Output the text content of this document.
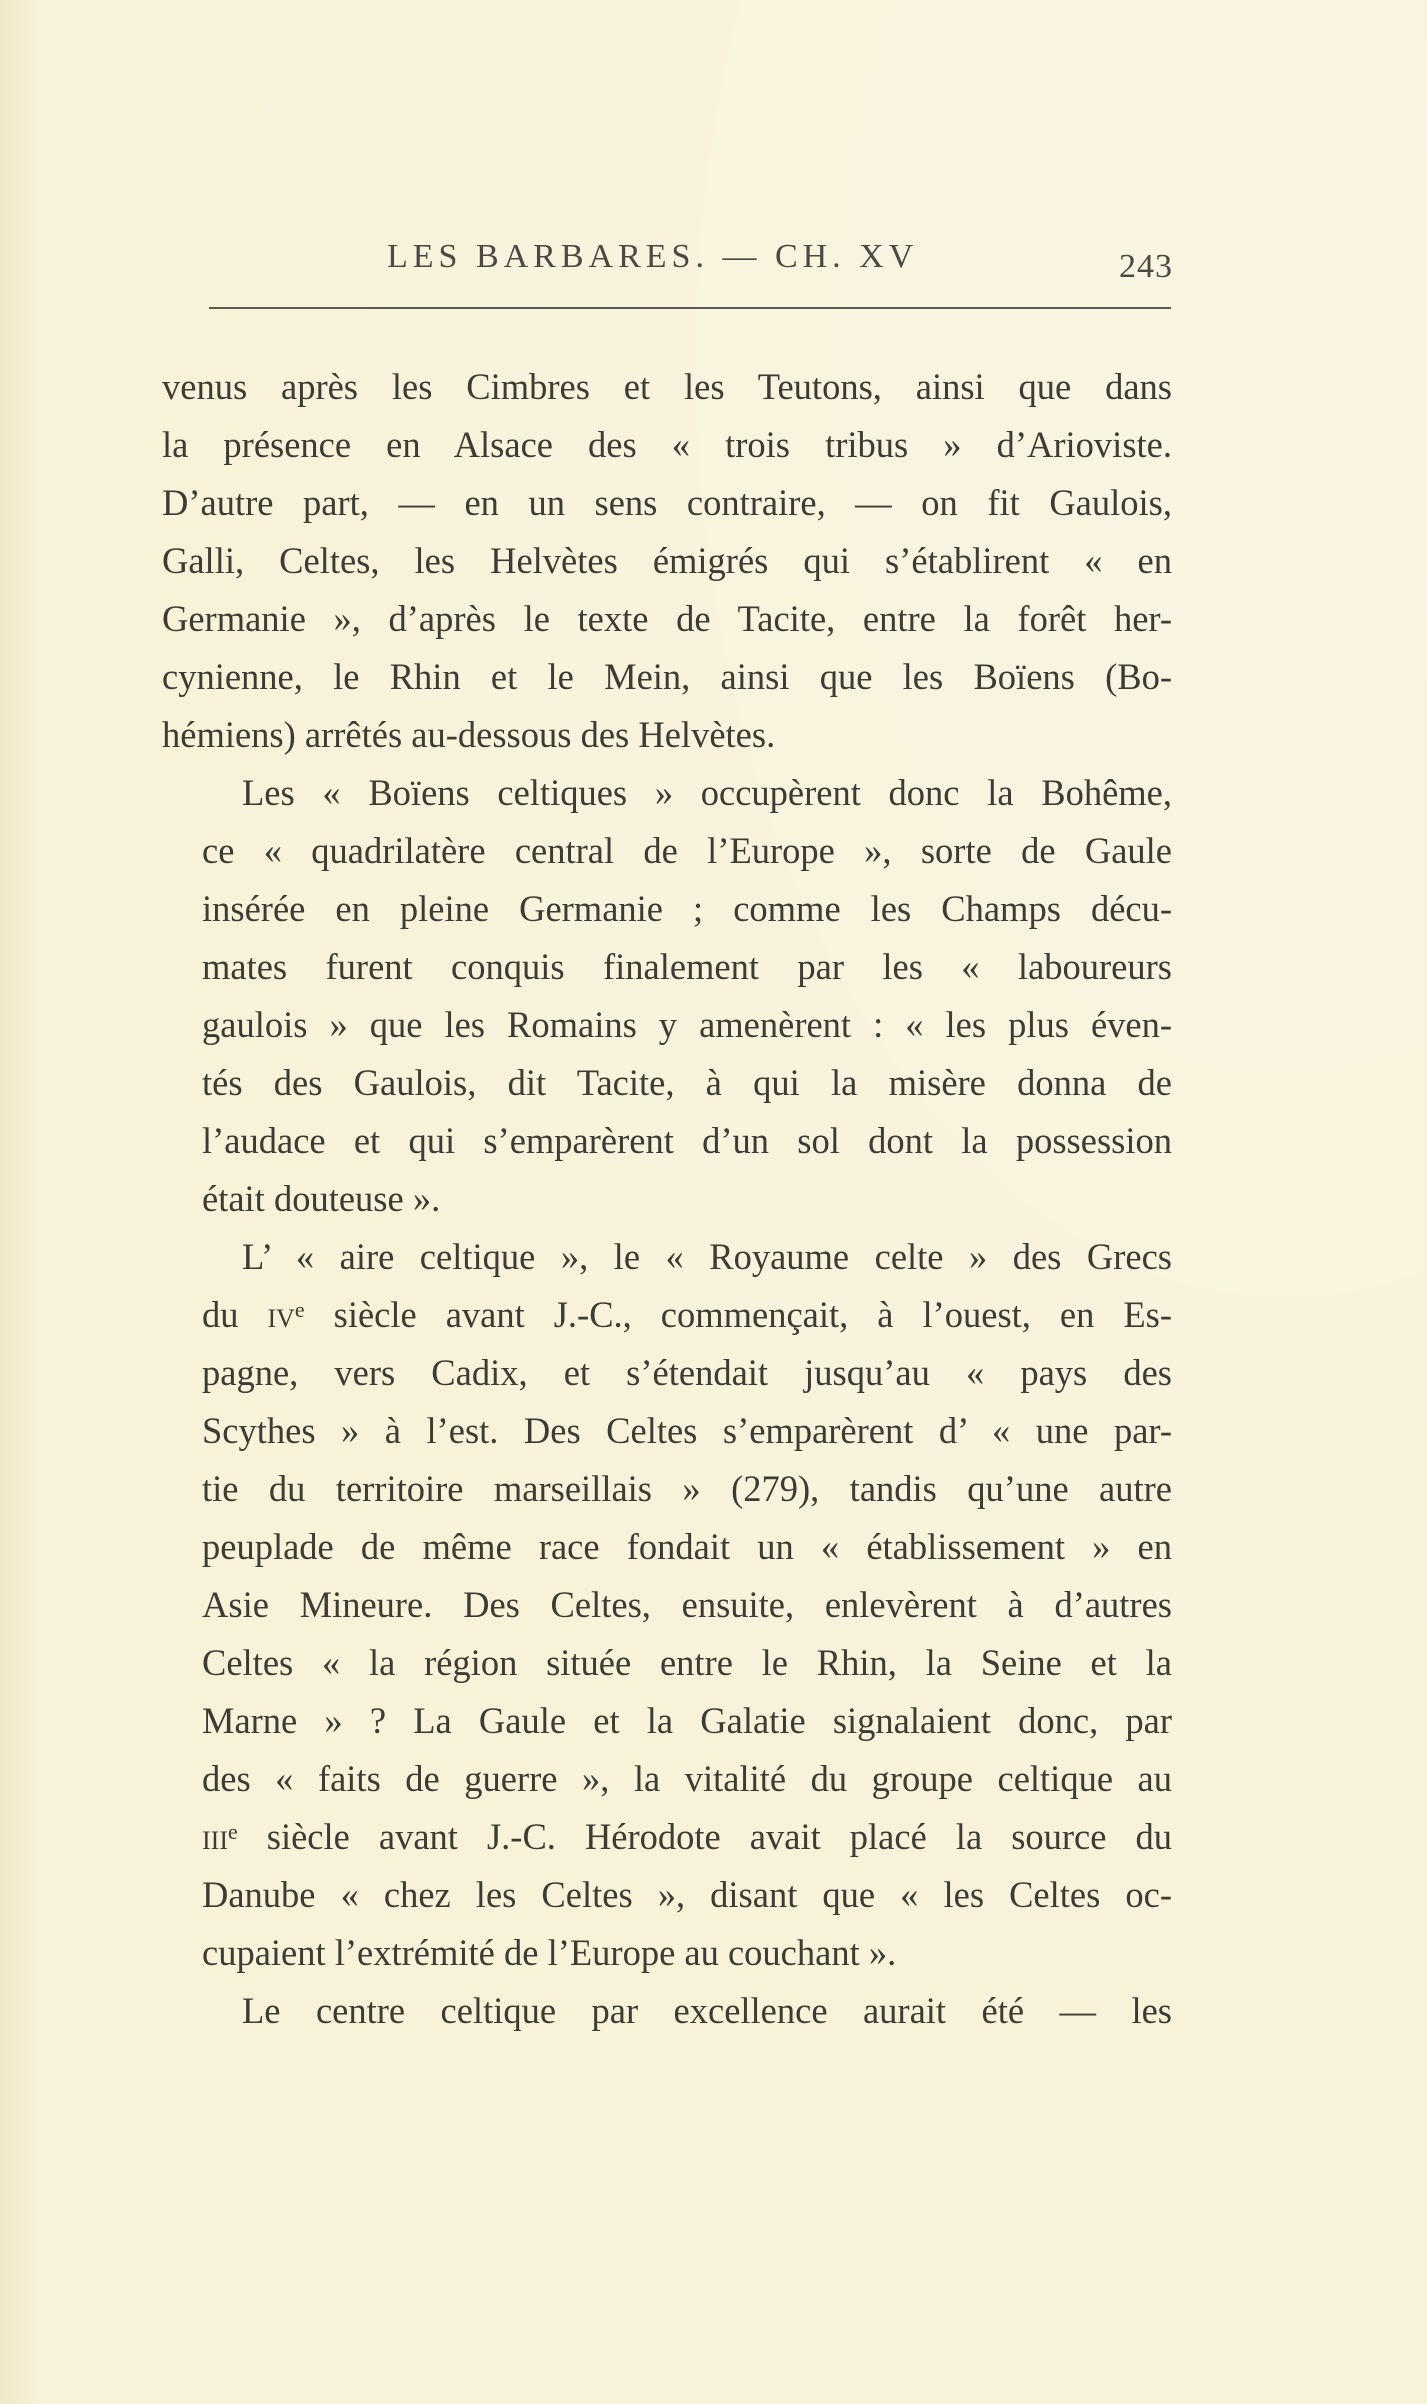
LES BARBARES. — CH. XV	243

venus après les Cimbres et les Teutons, ainsi que dans
la présence en Alsace des « trois tribus » d’Arioviste.
D’autre part, — en un sens contraire, — on fit Gaulois,
Galli, Celtes, les Helvètes émigrés qui s’établirent « en
Germanie », d’après le texte de Tacite, entre la forêt her-
cynienne, le Rhin et le Mein, ainsi que les Boïens (Bo-
hémiens) arrêtés au-dessous des Helvètes.

Les « Boïens celtiques » occupèrent donc la Bohême,
ce « quadrilatère central de l’Europe », sorte de Gaule
insérée en pleine Germanie ; comme les Champs décu-
mates furent conquis finalement par les « laboureurs
gaulois » que les Romains y amenèrent : « les plus éven-
tés des Gaulois, dit Tacite, à qui la misère donna de
l’audace et qui s’emparèrent d’un sol dont la possession
était douteuse ».

L’ « aire celtique », le « Royaume celte » des Grecs
du $iv^e$ siècle avant J.-C., commençait, à l’ouest, en Es-
pagne, vers Cadix, et s’étendait jusqu’au « pays des
Scythes » à l’est. Des Celtes s’emparèrent d’ « une par-
tie du territoire marseillais » (279), tandis qu’une autre
peuplade de même race fondait un « établissement » en
Asie Mineure. Des Celtes, ensuite, enlevèrent à d’autres
Celtes « la région située entre le Rhin, la Seine et la
Marne » ? La Gaule et la Galatie signalaient donc, par
des « faits de guerre », la vitalité du groupe celtique au
iii$^e$ siècle avant J.-C. Hérodote avait placé la source du
Danube « chez les Celtes », disant que « les Celtes oc-
cupaient l’extrémité de l’Europe au couchant ».

Le centre celtique par excellence aurait été — les
